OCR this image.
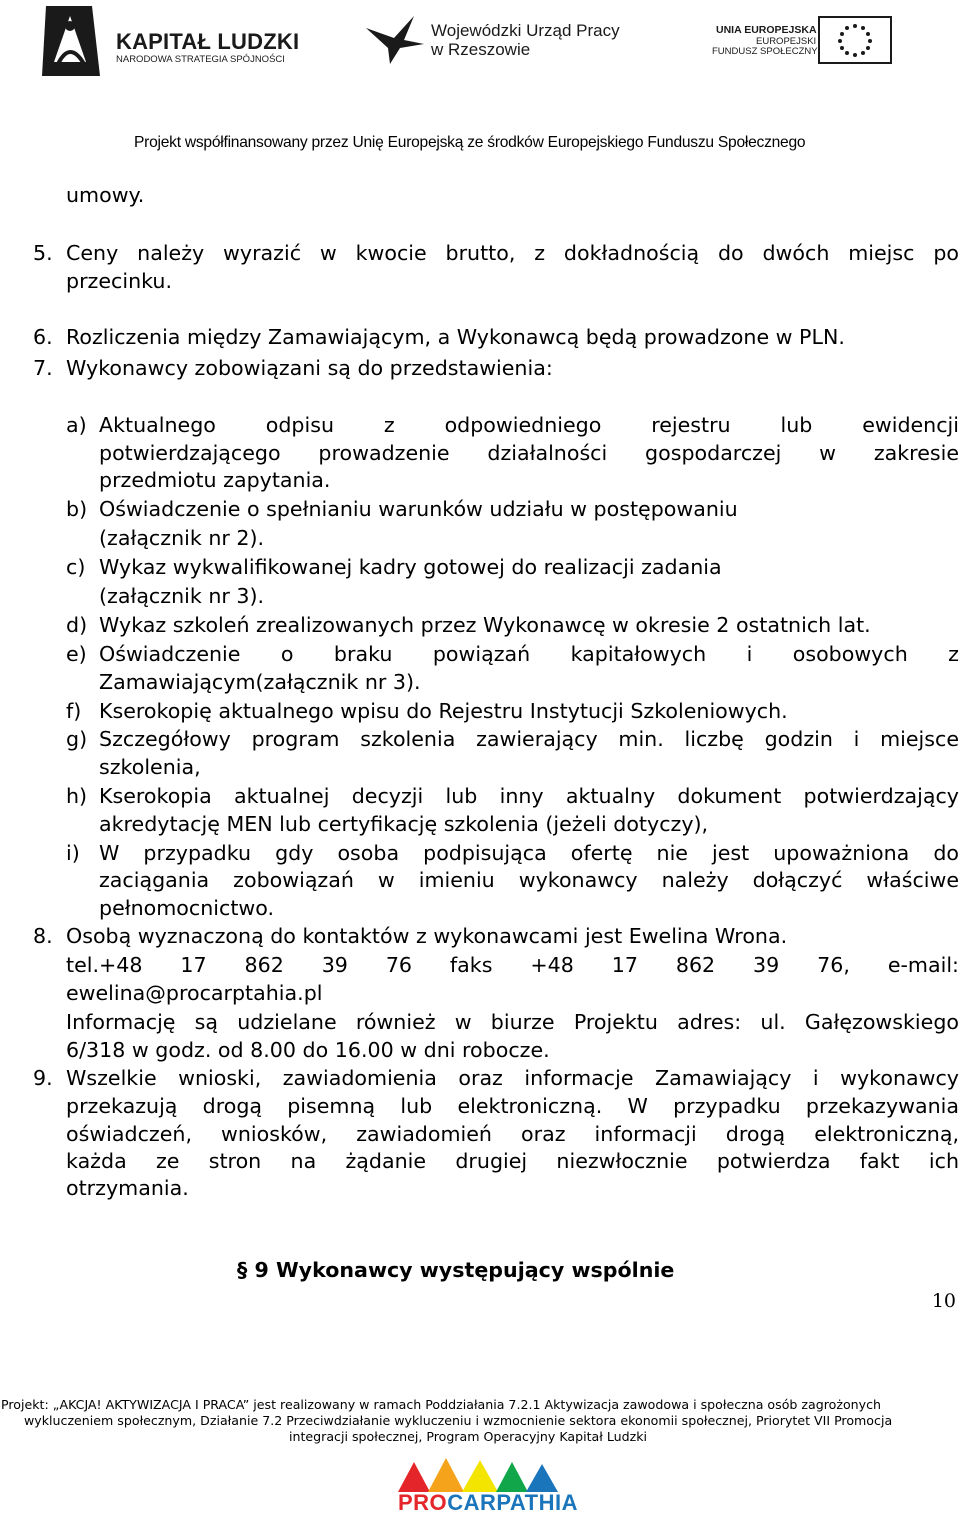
KAPITAŁ LUDZKI
NARODOWA STRATEGIA SPÓJNOŚCI
Wojewódzki Urząd Pracy
w Rzeszowie
UNIA EUROPEJSKA
EUROPEJSKI
FUNDUSZ SPOŁECZNY
Projekt współfinansowany przez Unię Europejską ze środków Europejskiego Funduszu Społecznego
umowy.
5. Ceny należy wyrazić w kwocie brutto, z dokładnością do dwóch miejsc po
przecinku.
6. Rozliczenia między Zamawiającym, a Wykonawcą będą prowadzone w PLN.
7. Wykonawcy zobowiązani są do przedstawienia:
a) Aktualnego odpisu z odpowiedniego rejestru lub ewidencji
potwierdzającego prowadzenie działalności gospodarczej w zakresie
przedmiotu zapytania.
b) Oświadczenie o spełnianiu warunków udziału w postępowaniu
(załącznik nr 2).
c) Wykaz wykwalifikowanej kadry gotowej do realizacji zadania
(załącznik nr 3).
d) Wykaz szkoleń zrealizowanych przez Wykonawcę w okresie 2 ostatnich lat.
e) Oświadczenie o braku powiązań kapitałowych i osobowych z
Zamawiającym(załącznik nr 3).
f) Kserokopię aktualnego wpisu do Rejestru Instytucji Szkoleniowych.
g) Szczegółowy program szkolenia zawierający min. liczbę godzin i miejsce
szkolenia,
h) Kserokopia aktualnej decyzji lub inny aktualny dokument potwierdzający
akredytację MEN lub certyfikację szkolenia (jeżeli dotyczy),
i) W przypadku gdy osoba podpisująca ofertę nie jest upoważniona do
zaciągania zobowiązań w imieniu wykonawcy należy dołączyć właściwe
pełnomocnictwo.
8. Osobą wyznaczoną do kontaktów z wykonawcami jest Ewelina Wrona.
tel.+48 17 862 39 76 faks +48 17 862 39 76, e-mail:
ewelina@procarptahia.pl
Informację są udzielane również w biurze Projektu adres: ul. Gałęzowskiego
6/318 w godz. od 8.00 do 16.00 w dni robocze.
9. Wszelkie wnioski, zawiadomienia oraz informacje Zamawiający i wykonawcy
przekazują drogą pisemną lub elektroniczną. W przypadku przekazywania
oświadczeń, wniosków, zawiadomień oraz informacji drogą elektroniczną,
każda ze stron na żądanie drugiej niezwłocznie potwierdza fakt ich
otrzymania.
§ 9 Wykonawcy występujący wspólnie
10
Projekt: „AKCJA! AKTYWIZACJA I PRACA” jest realizowany w ramach Poddziałania 7.2.1 Aktywizacja zawodowa i społeczna osób zagrożonych
wykluczeniem społecznym, Działanie 7.2 Przeciwdziałanie wykluczeniu i wzmocnienie sektora ekonomii społecznej, Priorytet VII Promocja
integracji społecznej, Program Operacyjny Kapitał Ludzki
PROCARPATHIA
